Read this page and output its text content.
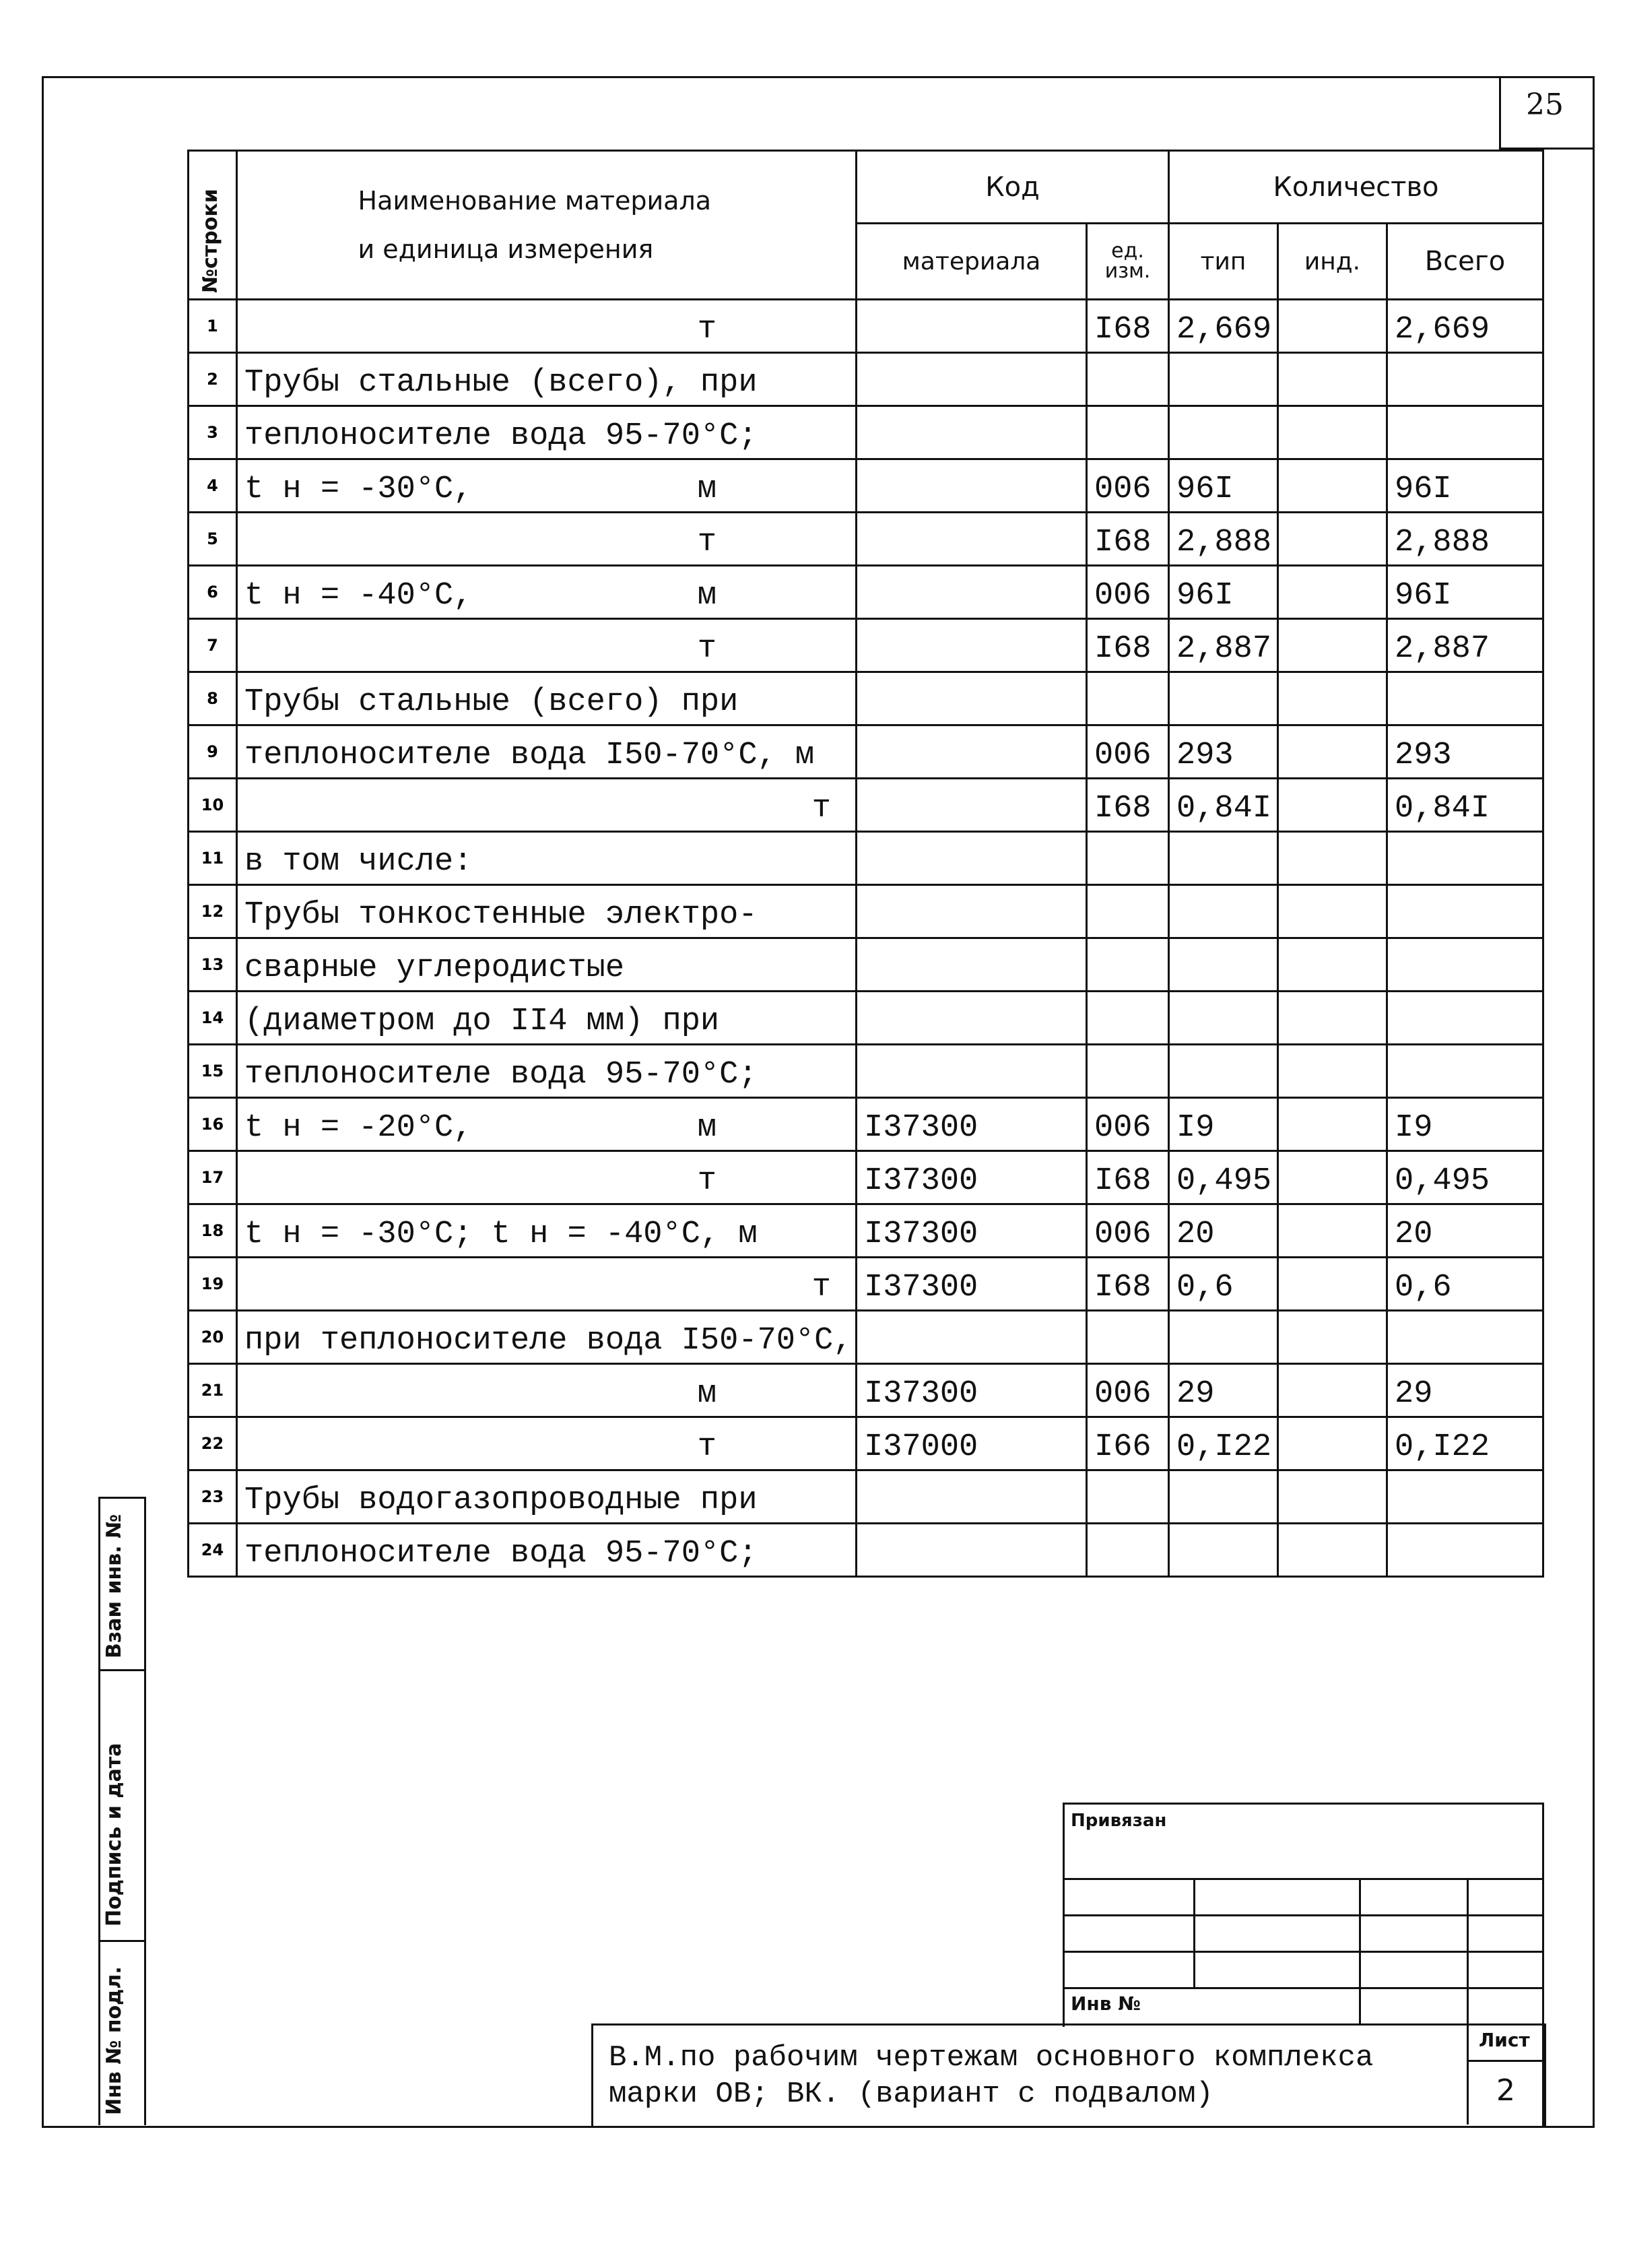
25
Инв № подл.
Подпись и дата
Взам инв. №
№строки	Наименование материала и единица измерения	Код		Количество		
		материала	ед. изм.	тип	инд.	Всего
1	т		I68	2,669		2,669

2	Трубы стальные (всего), при					

3	теплоносителе вода 95-70°С;					

4	t н = -30°С, м		006	96I		96I

5	т		I68	2,888		2,888

6	t н = -40°С, м		006	96I		96I

7	т		I68	2,887		2,887

8	Трубы стальные (всего) при					

9	теплоносителе вода I50-70°С, м		006	293		293

10	т		I68	0,84I		0,84I

11	в том числе:					

12	Трубы тонкостенные электро-					

13	сварные углеродистые					

14	(диаметром до II4 мм) при					

15	теплоносителе вода 95-70°С;					

16	t н = -20°С, м	I37300	006	I9		I9

17	т	I37300	I68	0,495		0,495

18	t н = -30°С; t н = -40°С, м	I37300	006	20		20

19	т	I37300	I68	0,6		0,6

20	при теплоносителе вода I50-70°С,					

21	м	I37300	006	29		29

22	т	I37000	I66	0,I22		0,I22

23	Трубы водогазопроводные при					

24	теплоносителе вода 95-70°С;					

Привязан
Инв №
Лист
2
В.М.по рабочим чертежам основного комплекса
марки ОВ; ВК. (вариант с подвалом)
